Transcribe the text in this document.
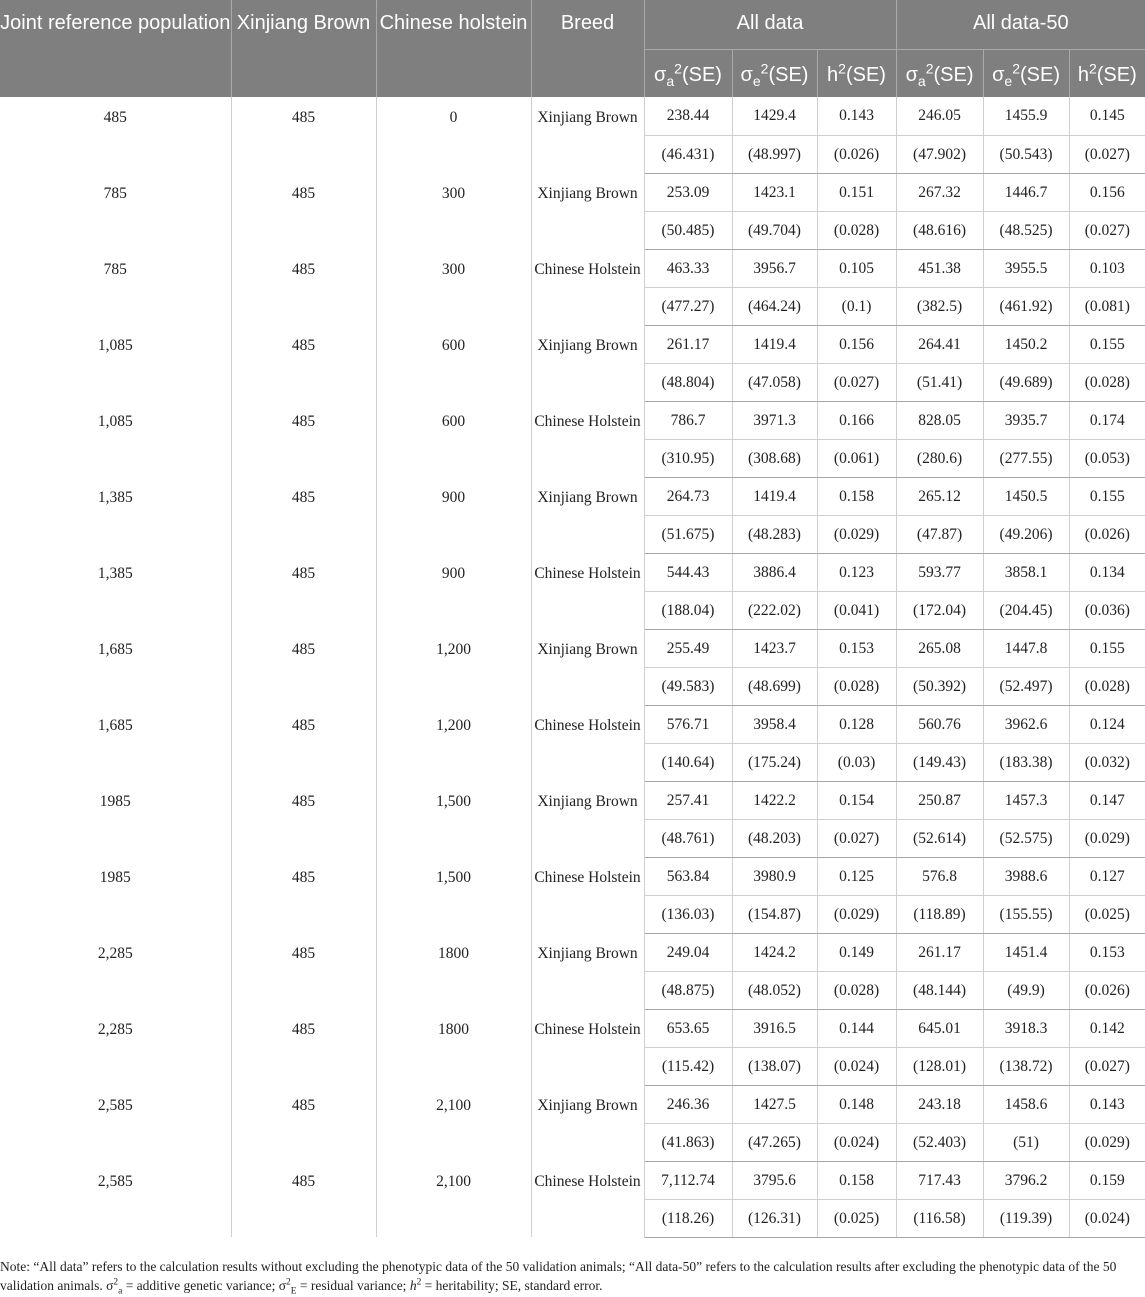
Joint reference population	Xinjiang Brown	Chinese holstein	Breed	All data			All data-50		
				$\sigma_a^2(SE)$	$\sigma_e^2(SE)$	$h^2(SE)$	$\sigma_a^2(SE)$	$\sigma_e^2(SE)$	$h^2(SE)$
485	485	0	Xinjiang Brown	238.44	1429.4	0.143	246.05	1455.9	0.145
				(46.431)	(48.997)	(0.026)	(47.902)	(50.543)	(0.027)
785	485	300	Xinjiang Brown	253.09	1423.1	0.151	267.32	1446.7	0.156
				(50.485)	(49.704)	(0.028)	(48.616)	(48.525)	(0.027)
785	485	300	Chinese Holstein	463.33	3956.7	0.105	451.38	3955.5	0.103
				(477.27)	(464.24)	(0.1)	(382.5)	(461.92)	(0.081)
1,085	485	600	Xinjiang Brown	261.17	1419.4	0.156	264.41	1450.2	0.155
				(48.804)	(47.058)	(0.027)	(51.41)	(49.689)	(0.028)
1,085	485	600	Chinese Holstein	786.7	3971.3	0.166	828.05	3935.7	0.174
				(310.95)	(308.68)	(0.061)	(280.6)	(277.55)	(0.053)
1,385	485	900	Xinjiang Brown	264.73	1419.4	0.158	265.12	1450.5	0.155
				(51.675)	(48.283)	(0.029)	(47.87)	(49.206)	(0.026)
1,385	485	900	Chinese Holstein	544.43	3886.4	0.123	593.77	3858.1	0.134
				(188.04)	(222.02)	(0.041)	(172.04)	(204.45)	(0.036)
1,685	485	1,200	Xinjiang Brown	255.49	1423.7	0.153	265.08	1447.8	0.155
				(49.583)	(48.699)	(0.028)	(50.392)	(52.497)	(0.028)
1,685	485	1,200	Chinese Holstein	576.71	3958.4	0.128	560.76	3962.6	0.124
				(140.64)	(175.24)	(0.03)	(149.43)	(183.38)	(0.032)
1985	485	1,500	Xinjiang Brown	257.41	1422.2	0.154	250.87	1457.3	0.147
				(48.761)	(48.203)	(0.027)	(52.614)	(52.575)	(0.029)
1985	485	1,500	Chinese Holstein	563.84	3980.9	0.125	576.8	3988.6	0.127
				(136.03)	(154.87)	(0.029)	(118.89)	(155.55)	(0.025)
2,285	485	1800	Xinjiang Brown	249.04	1424.2	0.149	261.17	1451.4	0.153
				(48.875)	(48.052)	(0.028)	(48.144)	(49.9)	(0.026)
2,285	485	1800	Chinese Holstein	653.65	3916.5	0.144	645.01	3918.3	0.142
				(115.42)	(138.07)	(0.024)	(128.01)	(138.72)	(0.027)
2,585	485	2,100	Xinjiang Brown	246.36	1427.5	0.148	243.18	1458.6	0.143
				(41.863)	(47.265)	(0.024)	(52.403)	(51)	(0.029)
2,585	485	2,100	Chinese Holstein	7,112.74	3795.6	0.158	717.43	3796.2	0.159
				(118.26)	(126.31)	(0.025)	(116.58)	(119.39)	(0.024)
Note: “All data” refers to the calculation results without excluding the phenotypic data of the 50 validation animals; “All data-50” refers to the calculation results after excluding the phenotypic data of the 50 validation animals. $\sigma^2_a$ = additive genetic variance; $\sigma^2_E$ = residual variance; $h^2$ = heritability; SE, standard error.
